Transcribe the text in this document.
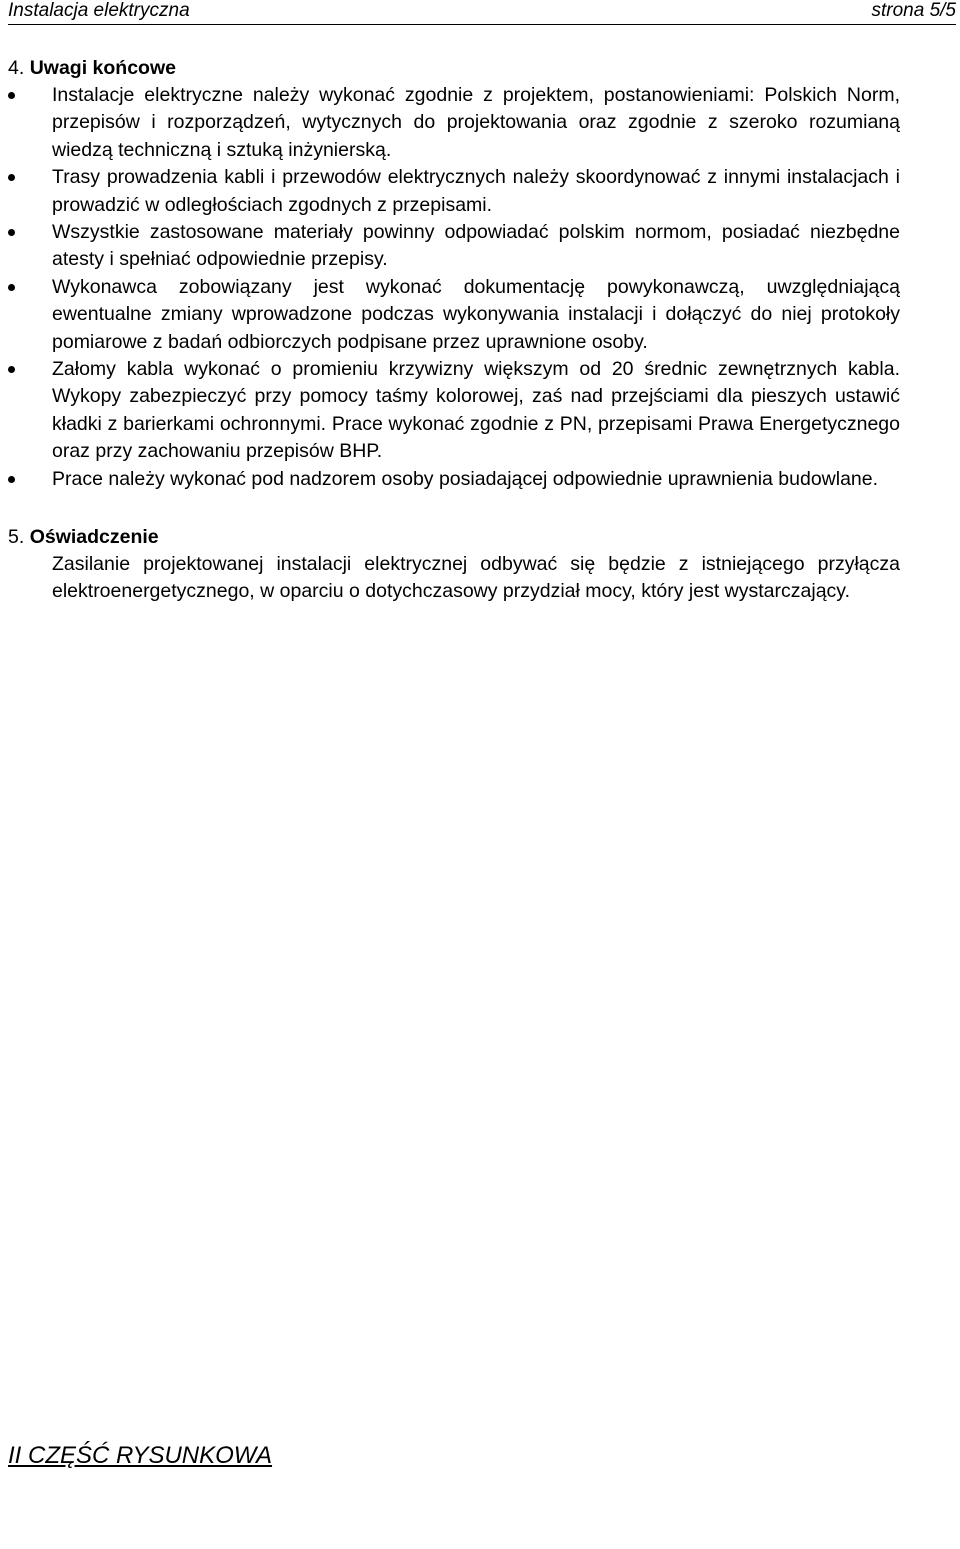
Instalacja elektryczna	strona 5/5
4. Uwagi końcowe
Instalacje elektryczne należy wykonać zgodnie z projektem, postanowieniami: Polskich Norm, przepisów i rozporządzeń, wytycznych do projektowania oraz zgodnie z szeroko rozumianą wiedzą techniczną i sztuką inżynierską.
Trasy prowadzenia kabli i przewodów elektrycznych należy skoordynować z innymi instalacjach i prowadzić w odległościach zgodnych z przepisami.
Wszystkie zastosowane materiały powinny odpowiadać polskim normom, posiadać niezbędne atesty i spełniać odpowiednie przepisy.
Wykonawca zobowiązany jest wykonać dokumentację powykonawczą, uwzględniającą ewentualne zmiany wprowadzone podczas wykonywania instalacji i dołączyć do niej protokoły pomiarowe z badań odbiorczych podpisane przez uprawnione osoby.
Załomy kabla wykonać o promieniu krzywizny większym od 20 średnic zewnętrznych kabla. Wykopy zabezpieczyć przy pomocy taśmy kolorowej, zaś nad przejściami dla pieszych ustawić kładki z barierkami ochronnymi. Prace wykonać zgodnie z PN, przepisami Prawa Energetycznego oraz przy zachowaniu przepisów BHP.
Prace należy wykonać pod nadzorem osoby posiadającej odpowiednie uprawnienia budowlane.
5. Oświadczenie
Zasilanie projektowanej instalacji elektrycznej odbywać się będzie z istniejącego przyłącza elektroenergetycznego, w oparciu o dotychczasowy przydział mocy, który jest wystarczający.
II CZĘŚĆ RYSUNKOWA
